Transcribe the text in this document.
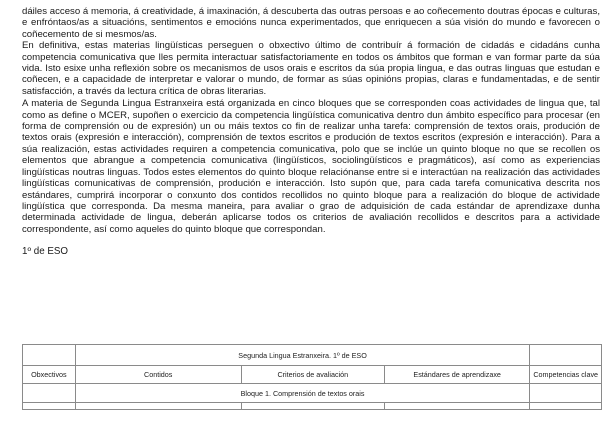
dáiles acceso á memoria, á creatividade, á imaxinación, á descuberta das outras persoas e ao coñecemento doutras épocas e culturas, e enfróntaos/as a situacións, sentimentos e emocións nunca experimentados, que enriquecen a súa visión do mundo e favorecen o coñecemento de si mesmos/as.

En definitiva, estas materias lingüísticas perseguen o obxectivo último de contribuír á formación de cidadás e cidadáns cunha competencia comunicativa que lles permita interactuar satisfactoriamente en todos os ámbitos que forman e van formar parte da súa vida. Isto esixe unha reflexión sobre os mecanismos de usos orais e escritos da súa propia lingua, e das outras linguas que estudan e coñecen, e a capacidade de interpretar e valorar o mundo, de formar as súas opinións propias, claras e fundamentadas, e de sentir satisfacción, a través da lectura crítica de obras literarias.

A materia de Segunda Lingua Estranxeira está organizada en cinco bloques que se corresponden coas actividades de lingua que, tal como as define o MCER, supoñen o exercicio da competencia lingüística comunicativa dentro dun ámbito específico para procesar (en forma de comprensión ou de expresión) un ou máis textos co fin de realizar unha tarefa: comprensión de textos orais, produción de textos orais (expresión e interacción), comprensión de textos escritos e produción de textos escritos (expresión e interacción). Para a súa realización, estas actividades requiren a competencia comunicativa, polo que se inclúe un quinto bloque no que se recollen os elementos que abrangue a competencia comunicativa (lingüísticos, sociolingüísticos e pragmáticos), así como as experiencias lingüísticas noutras linguas. Todos estes elementos do quinto bloque relaciónanse entre si e interactúan na realización das actividades lingüísticas comunicativas de comprensión, produción e interacción. Isto supón que, para cada tarefa comunicativa descrita nos estándares, cumprirá incorporar o conxunto dos contidos recollidos no quinto bloque para a realización do bloque de actividade lingüística que corresponda. Da mesma maneira, para avaliar o grao de adquisición de cada estándar de aprendizaxe dunha determinada actividade de lingua, deberán aplicarse todos os criterios de avaliación recollidos e descritos para a actividade correspondente, así como aqueles do quinto bloque que correspondan.

1º de ESO

	Segunda Lingua Estranxeira. 1º de ESO			
Obxectivos	Contidos	Criterios de avaliación	Estándares de aprendizaxe	Competencias clave
	Bloque 1. Comprensión de textos orais			
